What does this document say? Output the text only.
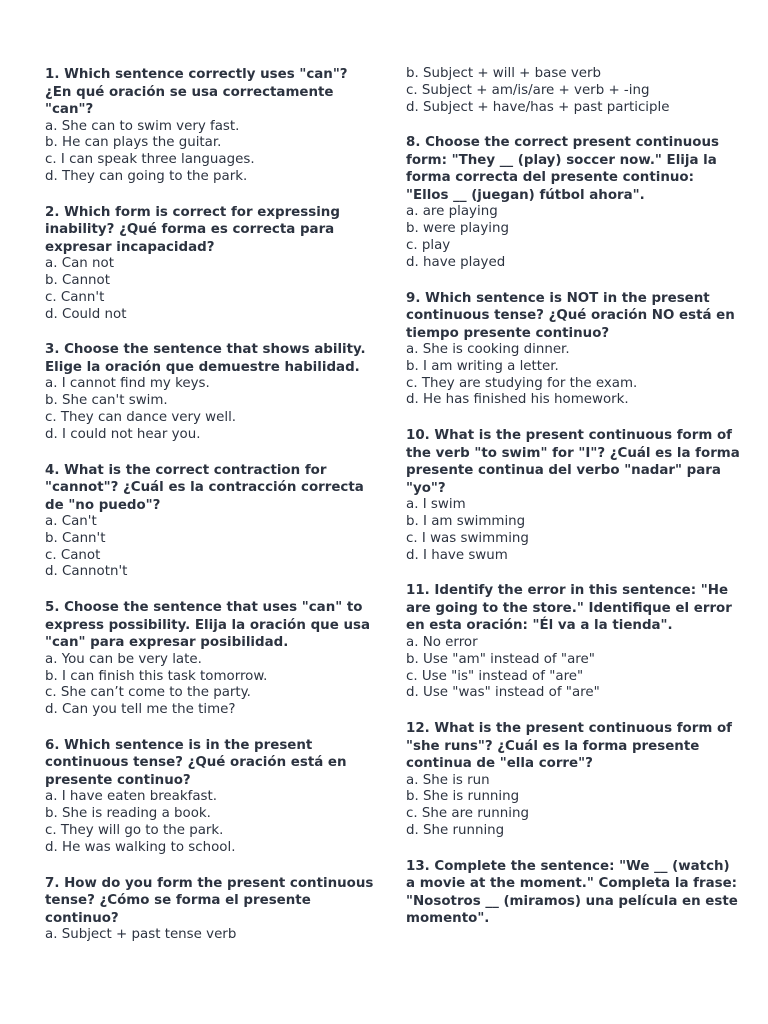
1. Which sentence correctly uses "can"? ¿En qué oración se usa correctamente "can"?

a. She can to swim very fast.

b. He can plays the guitar.

c. I can speak three languages.

d. They can going to the park.

2. Which form is correct for expressing inability? ¿Qué forma es correcta para expresar incapacidad?

a. Can not

b. Cannot

c. Cann't

d. Could not

3. Choose the sentence that shows ability. Elige la oración que demuestre habilidad.

a. I cannot find my keys.

b. She can't swim.

c. They can dance very well.

d. I could not hear you.

4. What is the correct contraction for "cannot"? ¿Cuál es la contracción correcta de "no puedo"?

a. Can't

b. Cann't

c. Canot

d. Cannotn't

5. Choose the sentence that uses "can" to express possibility. Elija la oración que usa "can" para expresar posibilidad.

a. You can be very late.

b. I can finish this task tomorrow.

c. She can’t come to the party.

d. Can you tell me the time?

6. Which sentence is in the present continuous tense? ¿Qué oración está en presente continuo?

a. I have eaten breakfast.

b. She is reading a book.

c. They will go to the park.

d. He was walking to school.

7. How do you form the present continuous tense? ¿Cómo se forma el presente continuo?

a. Subject + past tense verb

b. Subject + will + base verb

c. Subject + am/is/are + verb + -ing

d. Subject + have/has + past participle

8. Choose the correct present continuous form: "They __ (play) soccer now." Elija la forma correcta del presente continuo: "Ellos __ (juegan) fútbol ahora".

a. are playing

b. were playing

c. play

d. have played

9. Which sentence is NOT in the present continuous tense? ¿Qué oración NO está en tiempo presente continuo?

a. She is cooking dinner.

b. I am writing a letter.

c. They are studying for the exam.

d. He has finished his homework.

10. What is the present continuous form of the verb "to swim" for "I"? ¿Cuál es la forma presente continua del verbo "nadar" para "yo"?

a. I swim

b. I am swimming

c. I was swimming

d. I have swum

11. Identify the error in this sentence: "He are going to the store." Identifique el error en esta oración: "Él va a la tienda".

a. No error

b. Use "am" instead of "are"

c. Use "is" instead of "are"

d. Use "was" instead of "are"

12. What is the present continuous form of "she runs"? ¿Cuál es la forma presente continua de "ella corre"?

a. She is run

b. She is running

c. She are running

d. She running

13. Complete the sentence: "We __ (watch) a movie at the moment." Completa la frase: "Nosotros __ (miramos) una película en este momento".
